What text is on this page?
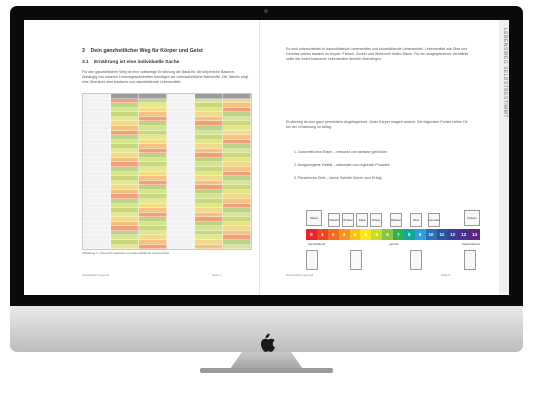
3 Dein ganzheitlicher Weg für Körper und Geist
3.1 Ernährung ist eine individuelle Sache
Für den ganzheitlichen Weg ist eine vollwertige Ernährung die Basis für die körperliche Balance. Abhängig von unseren Lebensgewohnheiten benötigen wir unterschiedliche Nährstoffe. Die Tabelle zeigt eine Übersicht über basische und säurebildende Lebensmittel.
Abbildung 1 | Übersicht basische und säurebildende Lebensmittel
Ganzheitlich gesund	Seite 4
Es wird unterschieden in basenbildende Lebensmittel und säurebildende Lebensmittel. Lebensmittel wie Obst und Gemüse wirken basisch im Körper. Fleisch, Zucker und Weißmehl bilden Säure. Für ein ausgeglichenes Verhältnis sollte der Anteil basischer Lebensmittel deutlich überwiegen.
Ernährung ist eine ganz persönliche Angelegenheit. Jeder Körper reagiert anders. Die folgenden Punkte helfen Dir bei der Umsetzung im Alltag:
1. Ganzheitliches Essen – bewusst und achtsam genießen
2. Ausgewogene Vielfalt – saisonale und regionale Produkte
3. Persönliche Ziele – kleine Schritte führen zum Erfolg
Säure	Fleisch	Zucker	Käse	Nüsse	Wasser	Obst	Gemüse	Kräuter
0	1	2	3	4	5	6	6	7	8	9	10	11	12	13	14
säurebildend	neutral	basenbildend
Ganzheitlich gesund	Seite 5
LEBENSWEG SELBSTBESTIMMT
